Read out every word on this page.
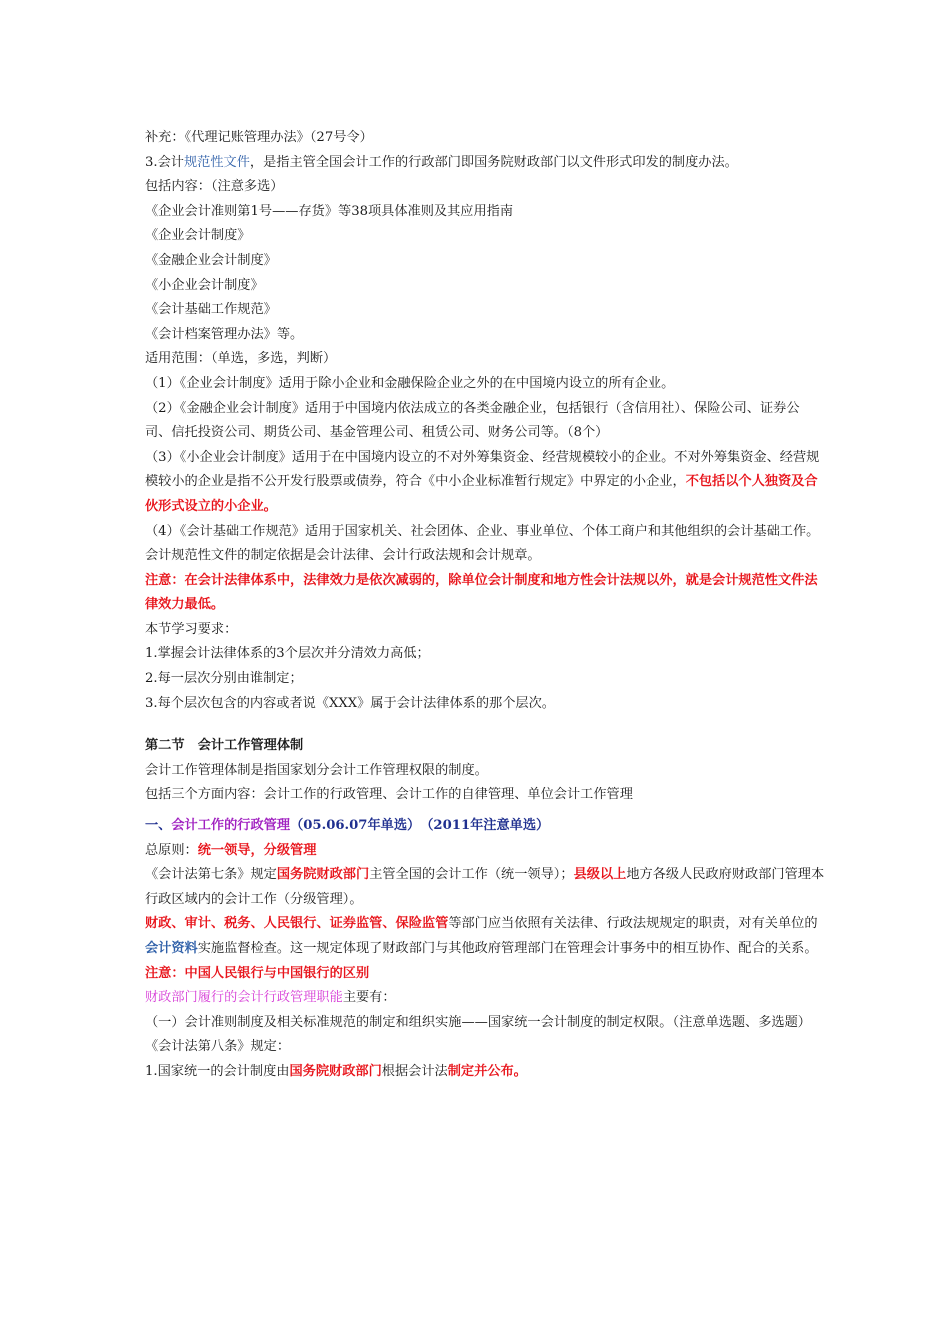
补充：《代理记账管理办法》（27号令）

3.会计规范性文件，是指主管全国会计工作的行政部门即国务院财政部门以文件形式印发的制度办法。

包括内容：（注意多选）

《企业会计准则第1号——存货》等38项具体准则及其应用指南

《企业会计制度》

《金融企业会计制度》

《小企业会计制度》

《会计基础工作规范》

《会计档案管理办法》等。

适用范围：（单选，多选，判断）

（1）《企业会计制度》适用于除小企业和金融保险企业之外的在中国境内设立的所有企业。

（2）《金融企业会计制度》适用于中国境内依法成立的各类金融企业，包括银行（含信用社）、保险公司、证券公司、信托投资公司、期货公司、基金管理公司、租赁公司、财务公司等。（8个）

（3）《小企业会计制度》适用于在中国境内设立的不对外筹集资金、经营规模较小的企业。不对外筹集资金、经营规模较小的企业是指不公开发行股票或债券，符合《中小企业标准暂行规定》中界定的小企业，不包括以个人独资及合伙形式设立的小企业。

（4）《会计基础工作规范》适用于国家机关、社会团体、企业、事业单位、个体工商户和其他组织的会计基础工作。

会计规范性文件的制定依据是会计法律、会计行政法规和会计规章。

注意：在会计法律体系中，法律效力是依次减弱的，除单位会计制度和地方性会计法规以外，就是会计规范性文件法律效力最低。

本节学习要求：

1.掌握会计法律体系的3个层次并分清效力高低；

2.每一层次分别由谁制定；

3.每个层次包含的内容或者说《XXX》属于会计法律体系的那个层次。

第二节　会计工作管理体制

会计工作管理体制是指国家划分会计工作管理权限的制度。

包括三个方面内容：会计工作的行政管理、会计工作的自律管理、单位会计工作管理

一、会计工作的行政管理（05.06.07年单选）　（2011年注意单选）

总原则：统一领导，分级管理

《会计法第七条》规定国务院财政部门主管全国的会计工作（统一领导）；县级以上地方各级人民政府财政部门管理本行政区域内的会计工作（分级管理）。

财政、审计、税务、人民银行、证券监管、保险监管等部门应当依照有关法律、行政法规规定的职责，对有关单位的会计资料实施监督检查。这一规定体现了财政部门与其他政府管理部门在管理会计事务中的相互协作、配合的关系。

注意：中国人民银行与中国银行的区别

财政部门履行的会计行政管理职能主要有：

（一）会计准则制度及相关标准规范的制定和组织实施——国家统一会计制度的制定权限。（注意单选题、多选题）

《会计法第八条》规定：

1.国家统一的会计制度由国务院财政部门根据会计法制定并公布。
